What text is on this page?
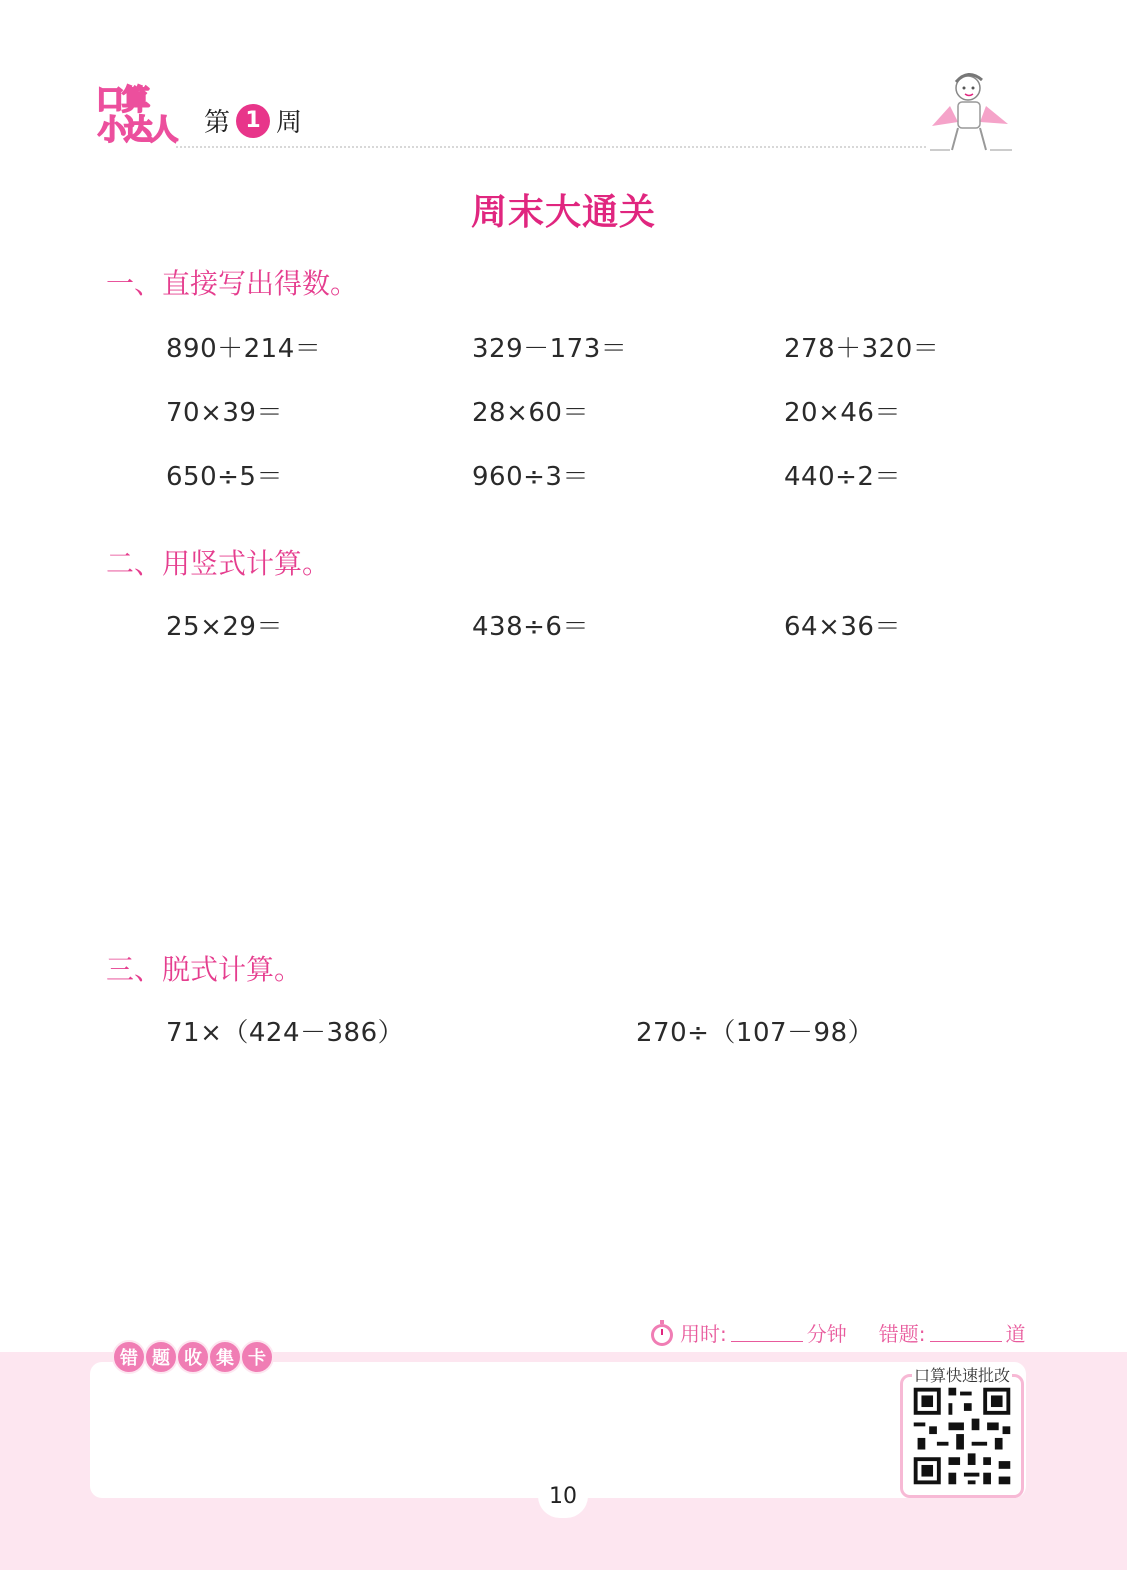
口算
小达人 第 1 周
周末大通关
一、直接写出得数。
890＋214＝	329－173＝	278＋320＝
70×39＝	28×60＝	20×46＝
650÷5＝	960÷3＝	440÷2＝
二、用竖式计算。
25×29＝	438÷6＝	64×36＝
三、脱式计算。
71×（424－386）	270÷（107－98）
用时:	分钟 错题:	道
错 题 收 集 卡
口算快速批改
10
